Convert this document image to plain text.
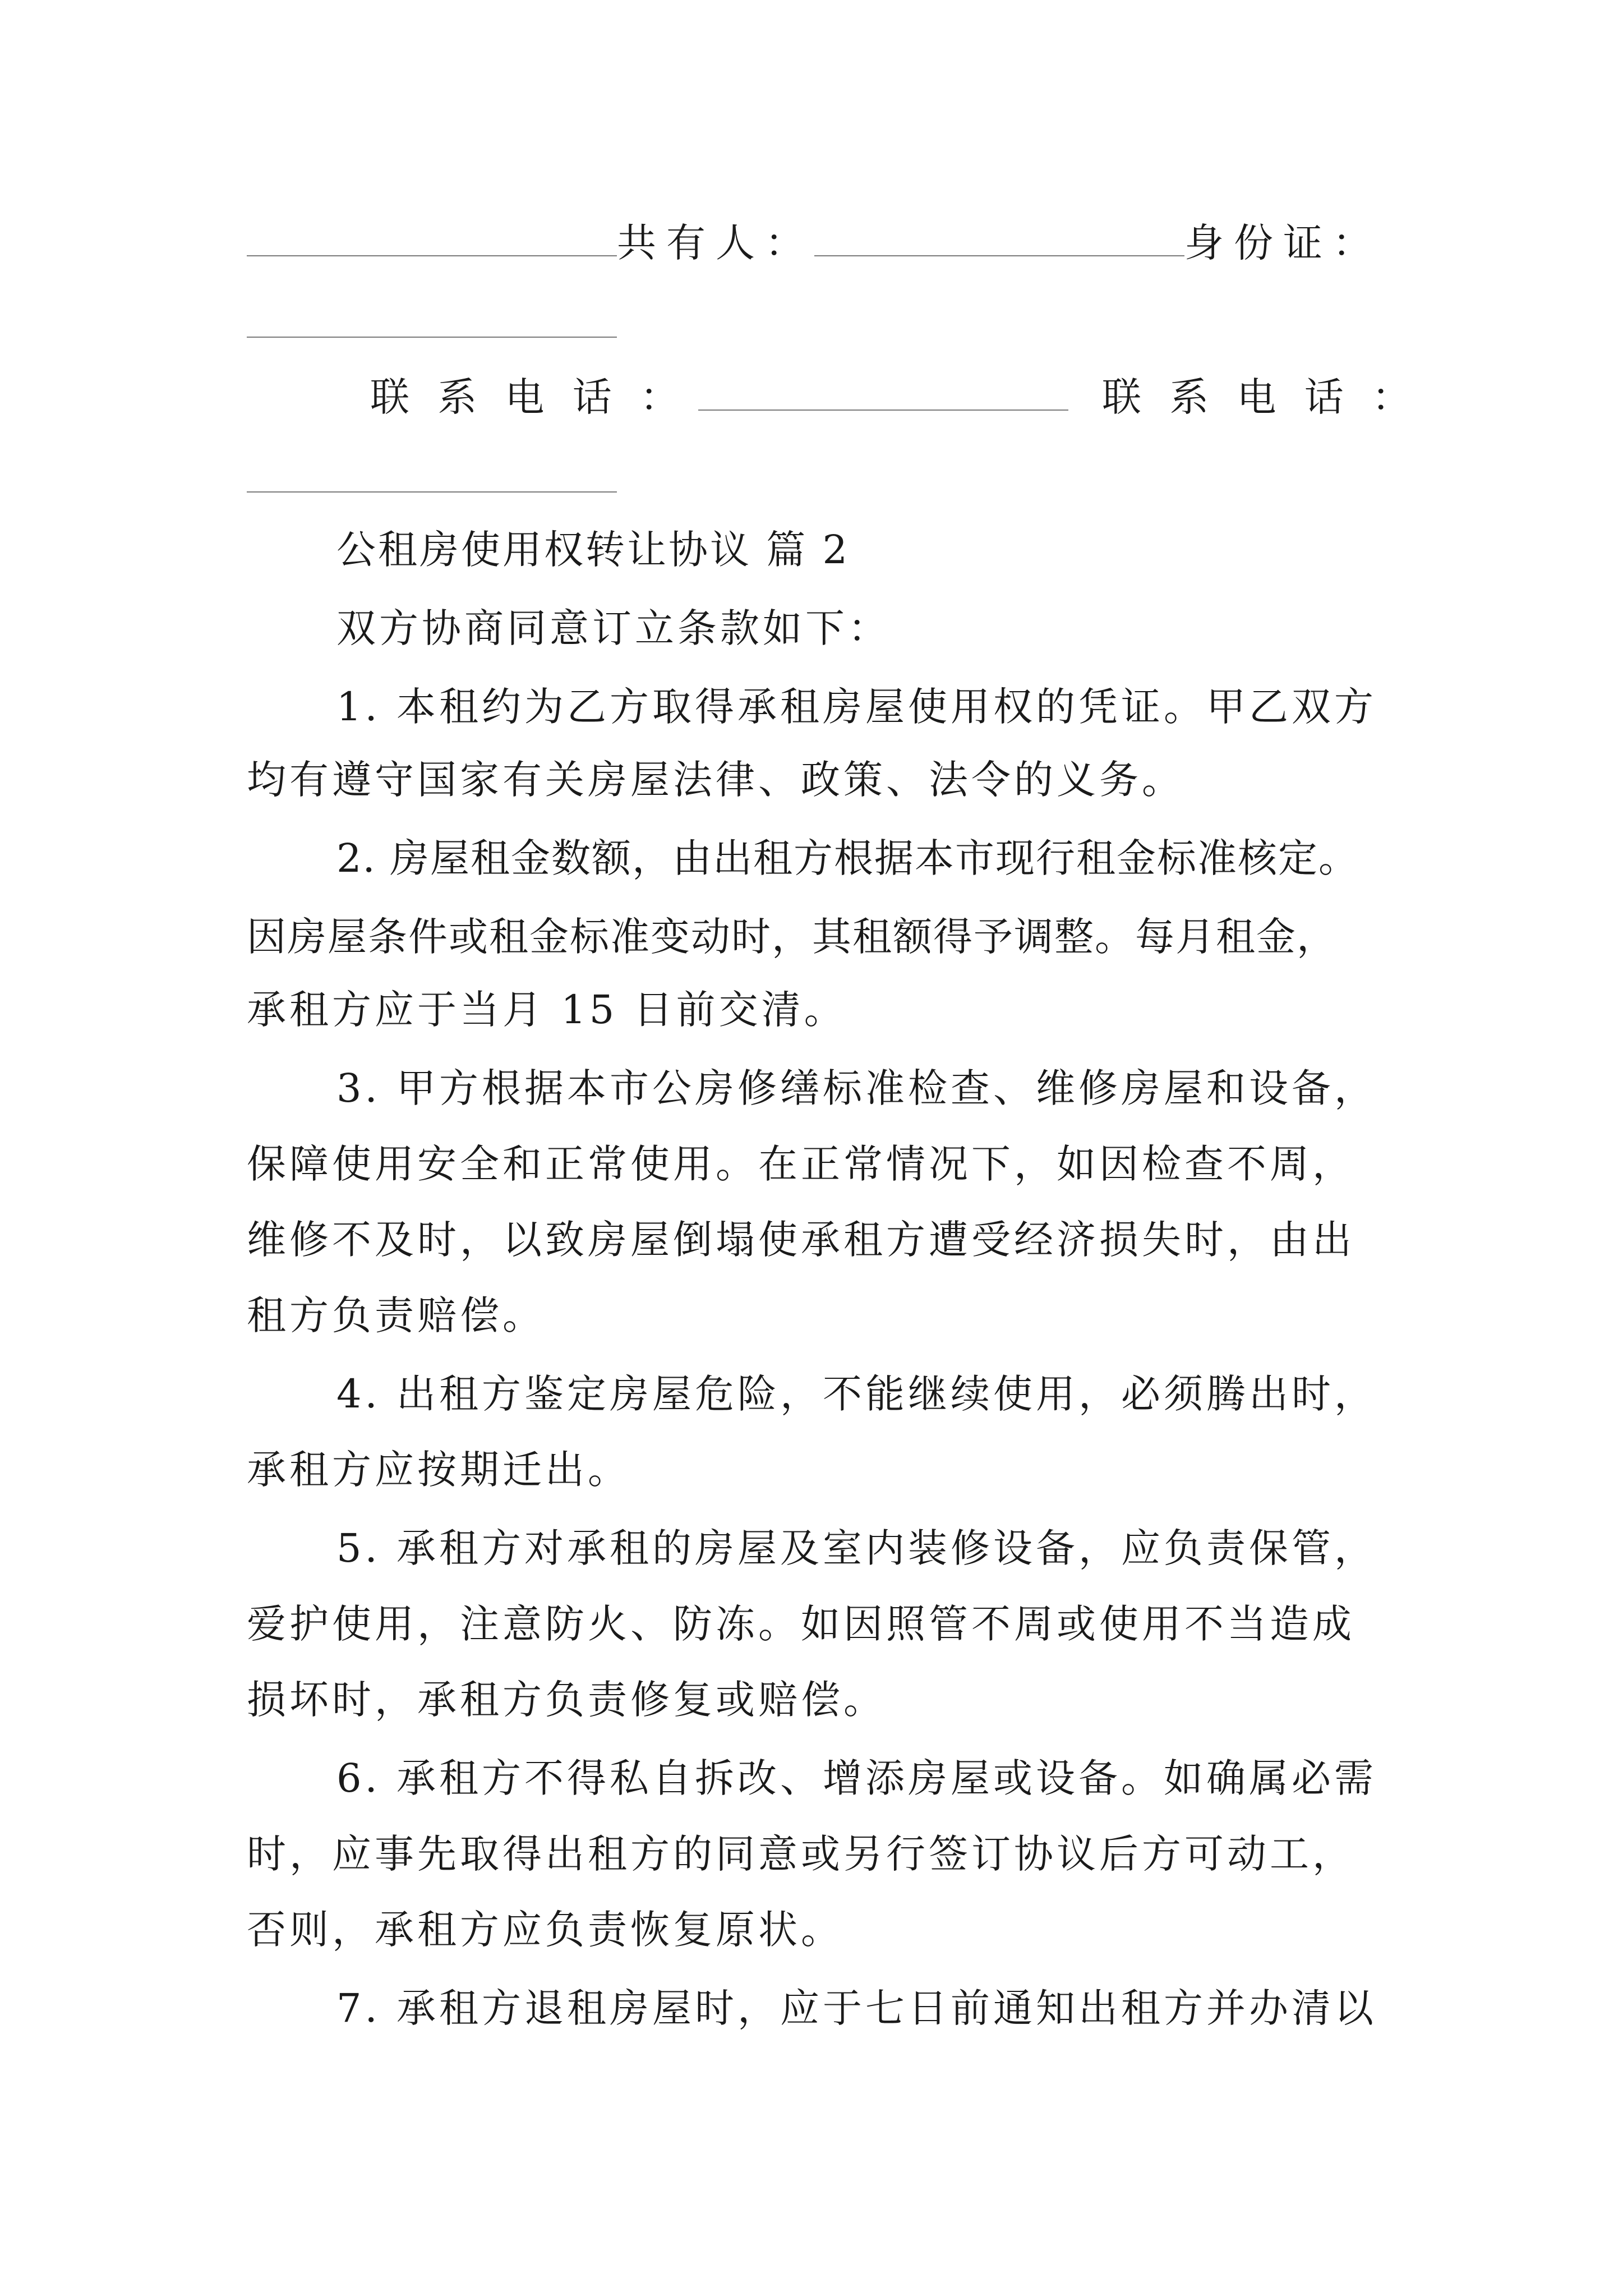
共有人：	身份证：
联 系 电 话 ：	联 系 电 话 ：
公租房使用权转让协议 篇 2
双方协商同意订立条款如下：
1. 本租约为乙方取得承租房屋使用权的凭证。甲乙双方
均有遵守国家有关房屋法律、政策、法令的义务。
2. 房屋租金数额，由出租方根据本市现行租金标准核定。
因房屋条件或租金标准变动时，其租额得予调整。每月租金，
承租方应于当月 15 日前交清。
3. 甲方根据本市公房修缮标准检查、维修房屋和设备，
保障使用安全和正常使用。在正常情况下，如因检查不周，
维修不及时，以致房屋倒塌使承租方遭受经济损失时，由出
租方负责赔偿。
4. 出租方鉴定房屋危险，不能继续使用，必须腾出时，
承租方应按期迁出。
5. 承租方对承租的房屋及室内装修设备，应负责保管，
爱护使用，注意防火、防冻。如因照管不周或使用不当造成
损坏时，承租方负责修复或赔偿。
6. 承租方不得私自拆改、增添房屋或设备。如确属必需
时，应事先取得出租方的同意或另行签订协议后方可动工，
否则，承租方应负责恢复原状。
7. 承租方退租房屋时，应于七日前通知出租方并办清以
